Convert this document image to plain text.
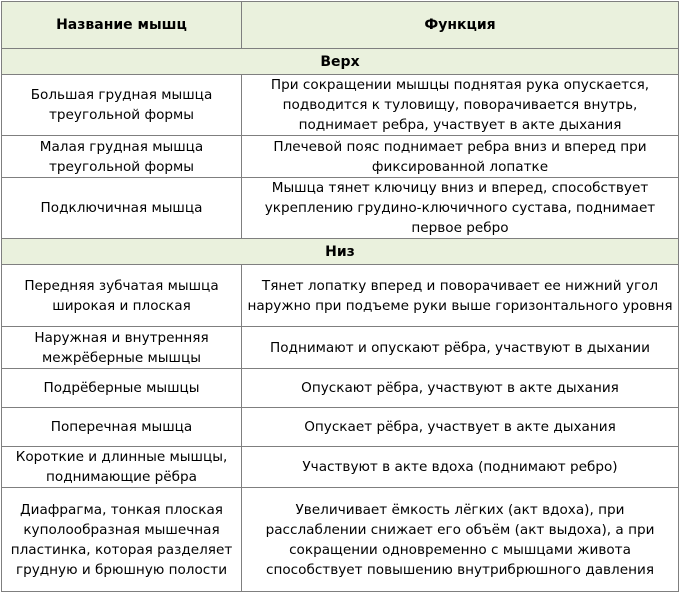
Название мышц	Функция
Верх	
Большая грудная мышца треугольной формы	При сокращении мышцы поднятая рука опускается, подводится к туловищу, поворачивается внутрь, поднимает ребра, участвует в акте дыхания
Малая грудная мышца треугольной формы	Плечевой пояс поднимает ребра вниз и вперед при фиксированной лопатке
Подключичная мышца	Мышца тянет ключицу вниз и вперед, способствует укреплению грудино-ключичного сустава, поднимает первое ребро
Низ	
Передняя зубчатая мышца широкая и плоская	Тянет лопатку вперед и поворачивает ее нижний угол наружно при подъеме руки выше горизонтального уровня
Наружная и внутренняя межрёберные мышцы	Поднимают и опускают рёбра, участвуют в дыхании
Подрёберные мышцы	Опускают рёбра, участвуют в акте дыхания
Поперечная мышца	Опускает рёбра, участвует в акте дыхания
Короткие и длинные мышцы, поднимающие рёбра	Участвуют в акте вдоха (поднимают ребро)
Диафрагма, тонкая плоская куполообразная мышечная пластинка, которая разделяет грудную и брюшную полости	Увеличивает ёмкость лёгких (акт вдоха), при расслаблении снижает его объём (акт выдоха), а при сокращении одновременно с мышцами живота способствует повышению внутрибрюшного давления
